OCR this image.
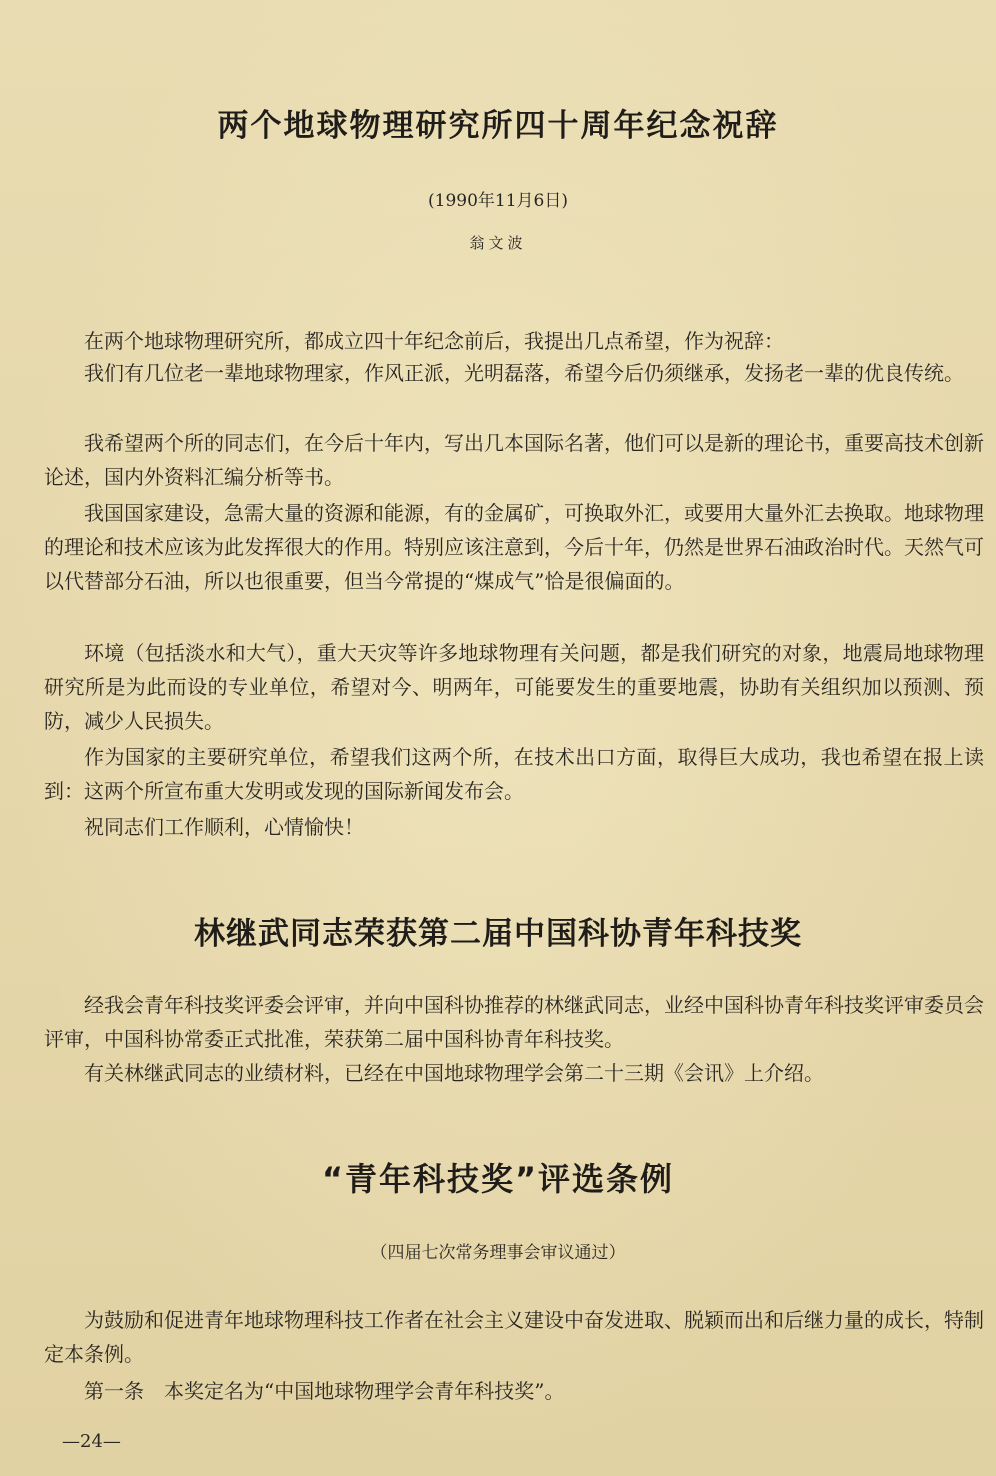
两个地球物理研究所四十周年纪念祝辞
(1990年11月6日)
翁文波

在两个地球物理研究所，都成立四十年纪念前后，我提出几点希望，作为祝辞：

我们有几位老一辈地球物理家，作风正派，光明磊落，希望今后仍须继承，发扬老一辈的优良传统。

我希望两个所的同志们，在今后十年内，写出几本国际名著，他们可以是新的理论书，重要高技术创新论述，国内外资料汇编分析等书。

我国国家建设，急需大量的资源和能源，有的金属矿，可换取外汇，或要用大量外汇去换取。地球物理的理论和技术应该为此发挥很大的作用。特别应该注意到，今后十年，仍然是世界石油政治时代。天然气可以代替部分石油，所以也很重要，但当今常提的“煤成气”恰是很偏面的。

环境（包括淡水和大气），重大天灾等许多地球物理有关问题，都是我们研究的对象，地震局地球物理研究所是为此而设的专业单位，希望对今、明两年，可能要发生的重要地震，协助有关组织加以预测、预防，减少人民损失。

作为国家的主要研究单位，希望我们这两个所，在技术出口方面，取得巨大成功，我也希望在报上读到：这两个所宣布重大发明或发现的国际新闻发布会。

祝同志们工作顺利，心情愉快！

林继武同志荣获第二届中国科协青年科技奖

经我会青年科技奖评委会评审，并向中国科协推荐的林继武同志，业经中国科协青年科技奖评审委员会评审，中国科协常委正式批准，荣获第二届中国科协青年科技奖。

有关林继武同志的业绩材料，已经在中国地球物理学会第二十三期《会讯》上介绍。

“青年科技奖”评选条例
（四届七次常务理事会审议通过）

为鼓励和促进青年地球物理科技工作者在社会主义建设中奋发进取、脱颖而出和后继力量的成长，特制定本条例。

第一条　本奖定名为“中国地球物理学会青年科技奖”。

—24—
